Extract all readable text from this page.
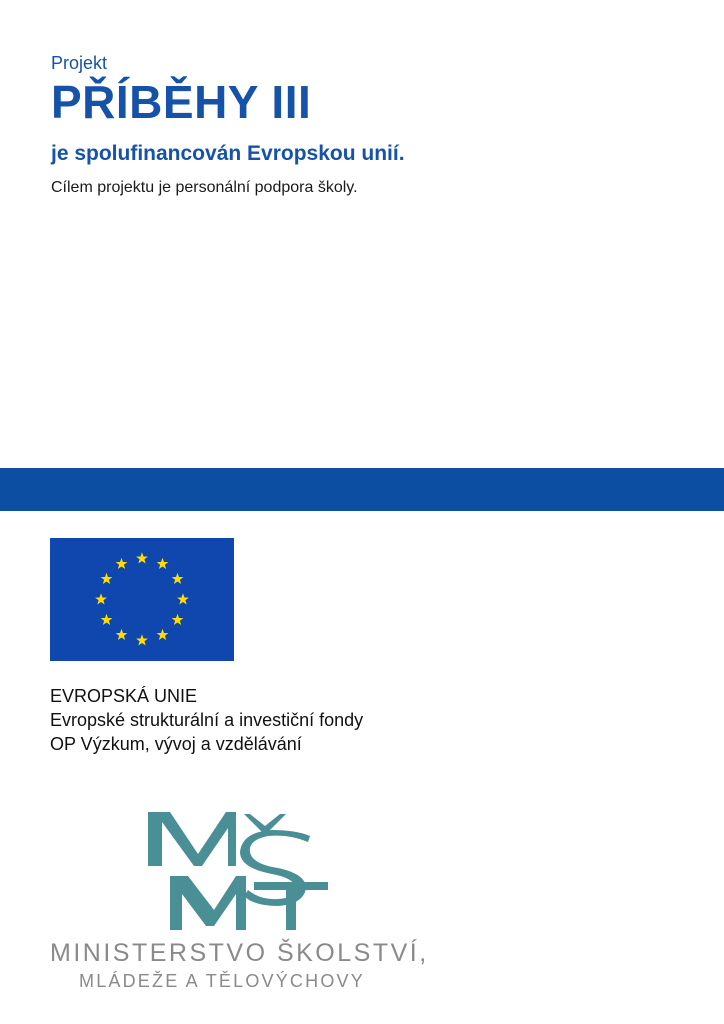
Projekt
PŘÍBĚHY III
je spolufinancován Evropskou unií.
Cílem projektu je personální podpora školy.
EVROPSKÁ UNIE
Evropské strukturální a investiční fondy
OP Výzkum, vývoj a vzdělávání
MINISTERSTVO ŠKOLSTVÍ,
MLÁDEŽE A TĚLOVÝCHOVY
